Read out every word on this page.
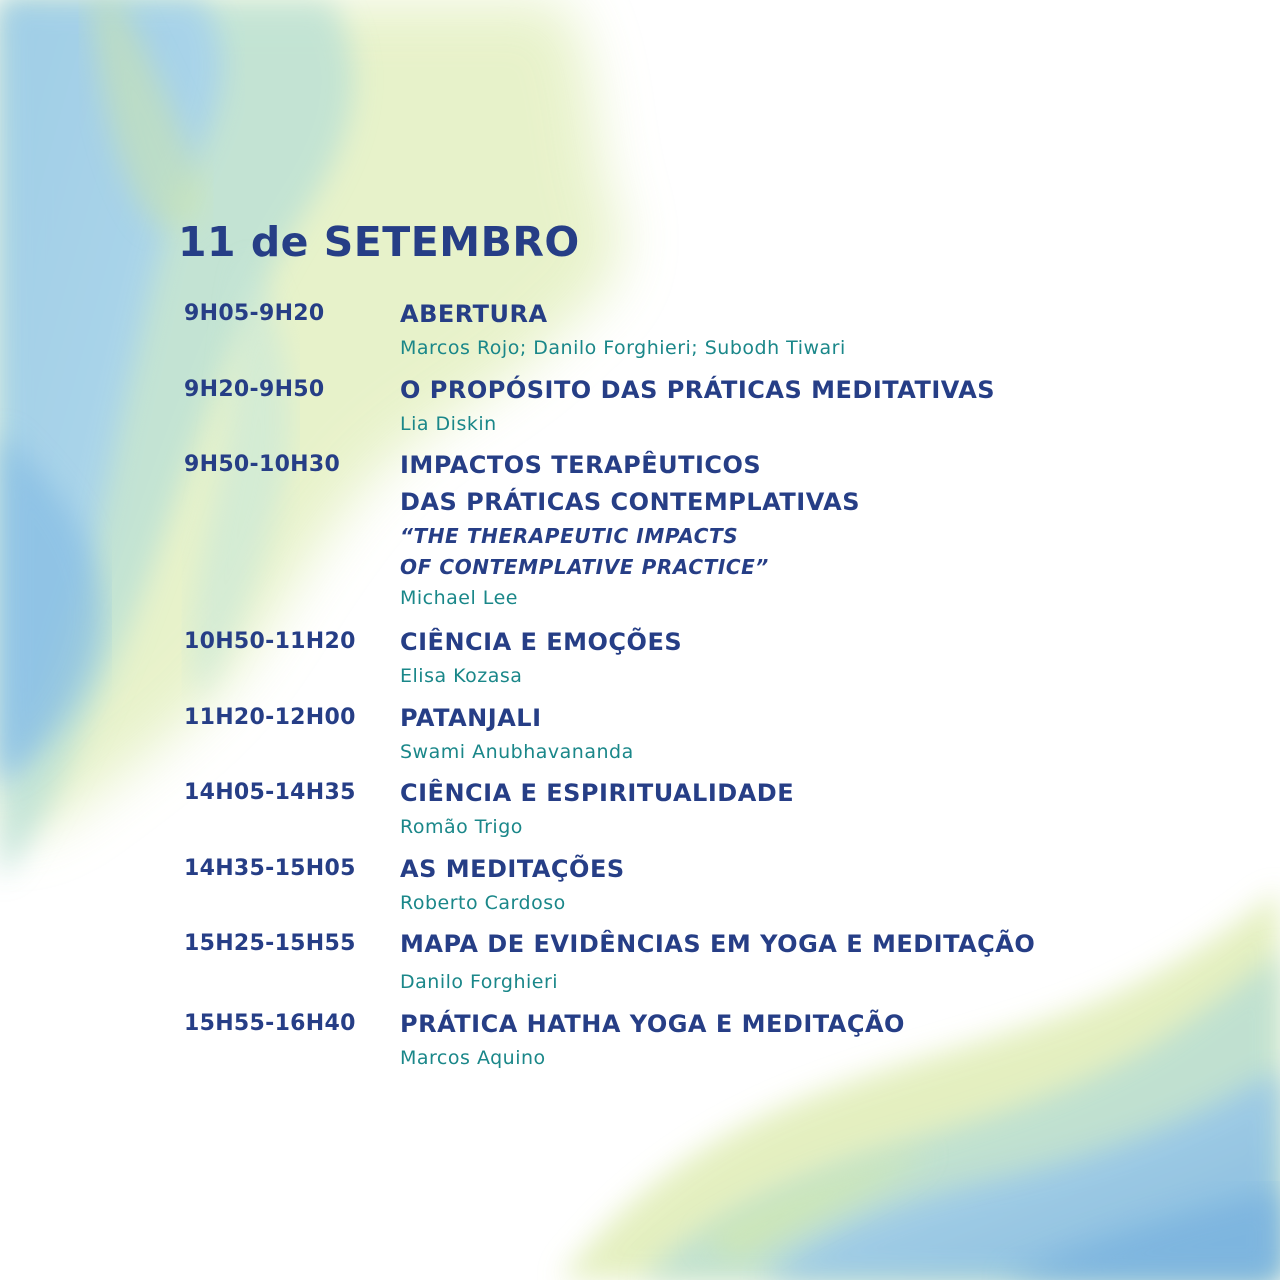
11 de SETEMBRO
9H05-9H20	ABERTURA
Marcos Rojo; Danilo Forghieri; Subodh Tiwari
9H20-9H50	O PROPÓSITO DAS PRÁTICAS MEDITATIVAS
Lia Diskin
9H50-10H30 IMPACTOS TERAPÊUTICOS
DAS PRÁTICAS CONTEMPLATIVAS
“THE THERAPEUTIC IMPACTS
OF CONTEMPLATIVE PRACTICE”
Michael Lee
10H50-11H20 CIÊNCIA E EMOÇÕES
Elisa Kozasa
11H20-12H00 PATANJALI
Swami Anubhavananda
14H05-14H35 CIÊNCIA E ESPIRITUALIDADE
Romão Trigo
14H35-15H05 AS MEDITAÇÕES
Roberto Cardoso
15H25-15H55 MAPA DE EVIDÊNCIAS EM YOGA E MEDITAÇÃO
Danilo Forghieri
15H55-16H40 PRÁTICA HATHA YOGA E MEDITAÇÃO
Marcos Aquino
